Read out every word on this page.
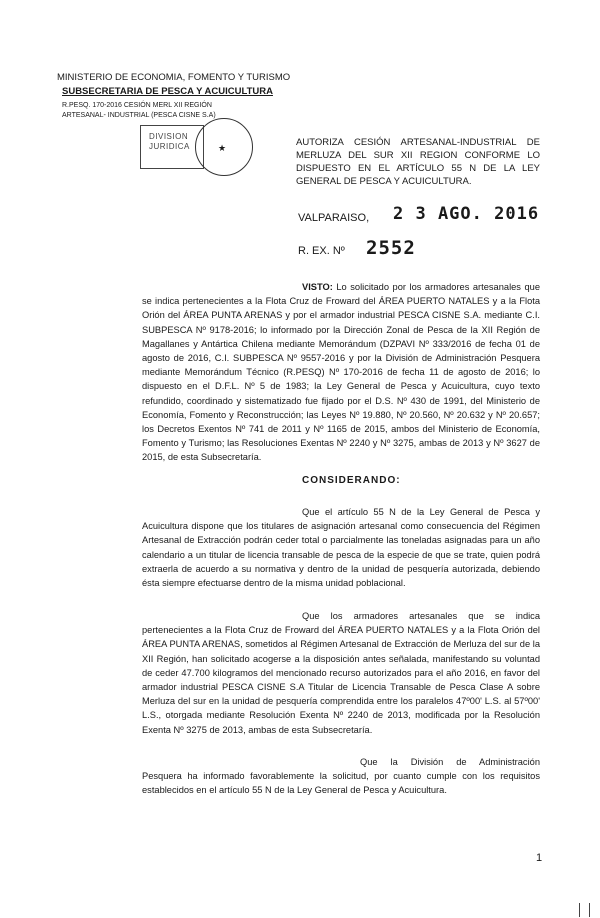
MINISTERIO DE ECONOMIA, FOMENTO Y TURISMO
SUBSECRETARIA DE PESCA Y ACUICULTURA
R.PESQ. 170-2016 CESIÓN MERL XII REGIÓN
ARTESANAL- INDUSTRIAL (PESCA CISNE S.A)
DIVISION
JURIDICA	★	AUTORIZA CESIÓN ARTESANAL-INDUSTRIAL DE MERLUZA DEL SUR XII REGION CONFORME LO DISPUESTO EN EL ARTÍCULO 55 N DE LA LEY GENERAL DE PESCA Y ACUICULTURA.
VALPARAISO, 2 3 AGO. 2016
R. EX. Nº 2552
VISTO: Lo solicitado por los armadores artesanales que se indica pertenecientes a la Flota Cruz de Froward del ÁREA PUERTO NATALES y a la Flota Orión del ÁREA PUNTA ARENAS y por el armador industrial PESCA CISNE S.A. mediante C.I. SUBPESCA Nº 9178-2016; lo informado por la Dirección Zonal de Pesca de la XII Región de Magallanes y Antártica Chilena mediante Memorándum (DZPAVI Nº 333/2016 de fecha 01 de agosto de 2016, C.I. SUBPESCA Nº 9557-2016 y por la División de Administración Pesquera mediante Memorándum Técnico (R.PESQ) Nº 170-2016 de fecha 11 de agosto de 2016; lo dispuesto en el D.F.L. Nº 5 de 1983; la Ley General de Pesca y Acuicultura, cuyo texto refundido, coordinado y sistematizado fue fijado por el D.S. Nº 430 de 1991, del Ministerio de Economía, Fomento y Reconstrucción; las Leyes Nº 19.880, Nº 20.560, Nº 20.632 y Nº 20.657; los Decretos Exentos Nº 741 de 2011 y Nº 1165 de 2015, ambos del Ministerio de Economía, Fomento y Turismo; las Resoluciones Exentas Nº 2240 y Nº 3275, ambas de 2013 y Nº 3627 de 2015, de esta Subsecretaría.
CONSIDERANDO:
Que el artículo 55 N de la Ley General de Pesca y Acuicultura dispone que los titulares de asignación artesanal como consecuencia del Régimen Artesanal de Extracción podrán ceder total o parcialmente las toneladas asignadas para un año calendario a un titular de licencia transable de pesca de la especie de que se trate, quien podrá extraerla de acuerdo a su normativa y dentro de la unidad de pesquería autorizada, debiendo ésta siempre efectuarse dentro de la misma unidad poblacional.
Que los armadores artesanales que se indica pertenecientes a la Flota Cruz de Froward del ÁREA PUERTO NATALES y a la Flota Orión del ÁREA PUNTA ARENAS, sometidos al Régimen Artesanal de Extracción de Merluza del sur de la XII Región, han solicitado acogerse a la disposición antes señalada, manifestando su voluntad de ceder 47.700 kilogramos del mencionado recurso autorizados para el año 2016, en favor del armador industrial PESCA CISNE S.A Titular de Licencia Transable de Pesca Clase A sobre Merluza del sur en la unidad de pesquería comprendida entre los paralelos 47º00' L.S. al 57º00' L.S., otorgada mediante Resolución Exenta Nº 2240 de 2013, modificada por la Resolución Exenta Nº 3275 de 2013, ambas de esta Subsecretaría.
Que la División de Administración Pesquera ha informado favorablemente la solicitud, por cuanto cumple con los requisitos establecidos en el artículo 55 N de la Ley General de Pesca y Acuicultura.
1
